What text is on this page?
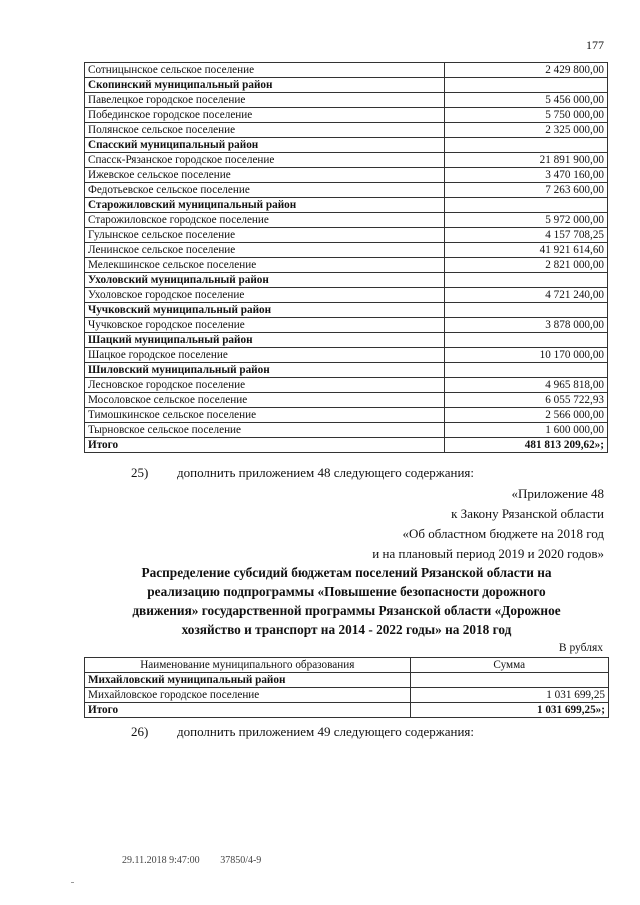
177
Сотницынское сельское поселение	2 429 800,00
Скопинский муниципальный район	
Павелецкое городское поселение	5 456 000,00
Побединское городское поселение	5 750 000,00
Полянское сельское поселение	2 325 000,00
Спасский муниципальный район	
Спасск-Рязанское городское поселение	21 891 900,00
Ижевское сельское поселение	3 470 160,00
Федотьевское сельское поселение	7 263 600,00
Старожиловский муниципальный район	
Старожиловское городское поселение	5 972 000,00
Гулынское сельское поселение	4 157 708,25
Ленинское сельское поселение	41 921 614,60
Мелекшинское сельское поселение	2 821 000,00
Ухоловский муниципальный район	
Ухоловское городское поселение	4 721 240,00
Чучковский муниципальный район	
Чучковское городское поселение	3 878 000,00
Шацкий муниципальный район	
Шацкое городское поселение	10 170 000,00
Шиловский муниципальный район	
Лесновское городское поселение	4 965 818,00
Мосоловское сельское поселение	6 055 722,93
Тимошкинское сельское поселение	2 566 000,00
Тырновское сельское поселение	1 600 000,00
Итого	481 813 209,62»;
25) дополнить приложением 48 следующего содержания:
«Приложение 48
к Закону Рязанской области
«Об областном бюджете на 2018 год
и на плановый период 2019 и 2020 годов»
Распределение субсидий бюджетам поселений Рязанской области на
реализацию подпрограммы «Повышение безопасности дорожного
движения» государственной программы Рязанской области «Дорожное
хозяйство и транспорт на 2014 - 2022 годы» на 2018 год
В рублях
Наименование муниципального образования	Сумма
Михайловский муниципальный район	
Михайловское городское поселение	1 031 699,25
Итого	1 031 699,25»;
26) дополнить приложением 49 следующего содержания:
29.11.2018 9:47:00 37850/4-9
